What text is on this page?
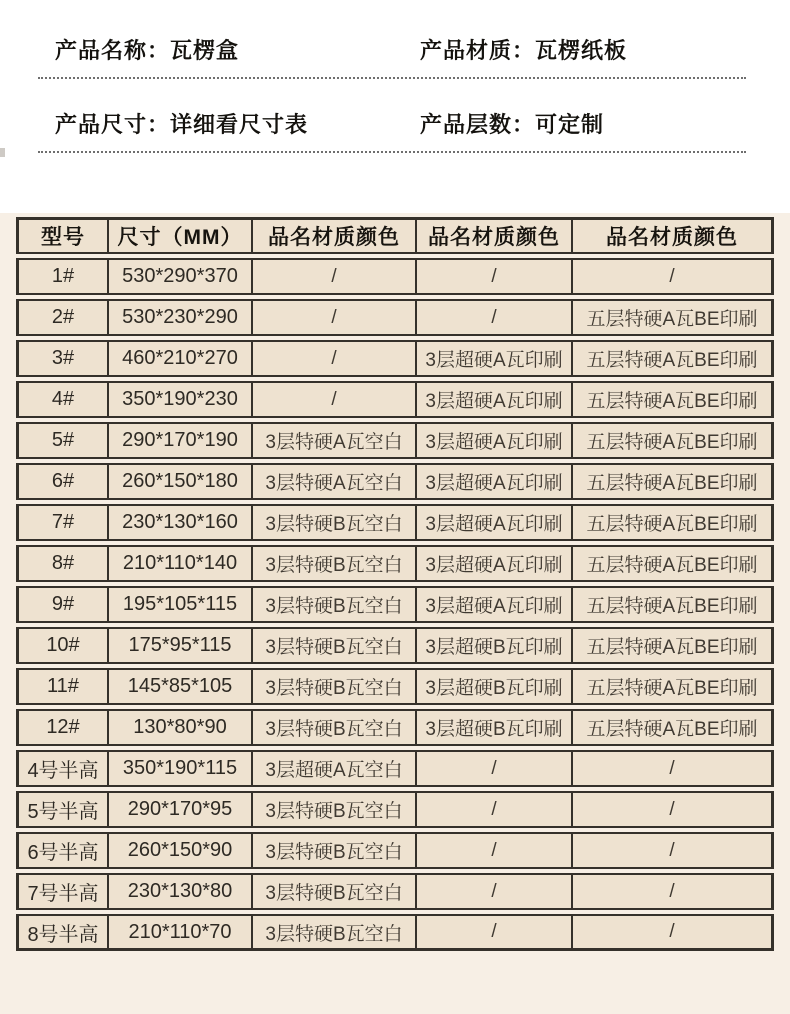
产品名称：瓦楞盒	产品材质：瓦楞纸板
产品尺寸：详细看尺寸表	产品层数：可定制
型号	尺寸（MM）	品名材质颜色	品名材质颜色	品名材质颜色
1#	530*290*370	/	/	/
2#	530*230*290	/	/	五层特硬A瓦BE印刷
3#	460*210*270	/	3层超硬A瓦印刷	五层特硬A瓦BE印刷
4#	350*190*230	/	3层超硬A瓦印刷	五层特硬A瓦BE印刷
5#	290*170*190	3层特硬A瓦空白	3层超硬A瓦印刷	五层特硬A瓦BE印刷
6#	260*150*180	3层特硬A瓦空白	3层超硬A瓦印刷	五层特硬A瓦BE印刷
7#	230*130*160	3层特硬B瓦空白	3层超硬A瓦印刷	五层特硬A瓦BE印刷
8#	210*110*140	3层特硬B瓦空白	3层超硬A瓦印刷	五层特硬A瓦BE印刷
9#	195*105*115	3层特硬B瓦空白	3层超硬A瓦印刷	五层特硬A瓦BE印刷
10#	175*95*115	3层特硬B瓦空白	3层超硬B瓦印刷	五层特硬A瓦BE印刷
11#	145*85*105	3层特硬B瓦空白	3层超硬B瓦印刷	五层特硬A瓦BE印刷
12#	130*80*90	3层特硬B瓦空白	3层超硬B瓦印刷	五层特硬A瓦BE印刷
4号半高	350*190*115	3层超硬A瓦空白	/	/
5号半高	290*170*95	3层特硬B瓦空白	/	/
6号半高	260*150*90	3层特硬B瓦空白	/	/
7号半高	230*130*80	3层特硬B瓦空白	/	/
8号半高	210*110*70	3层特硬B瓦空白	/	/
